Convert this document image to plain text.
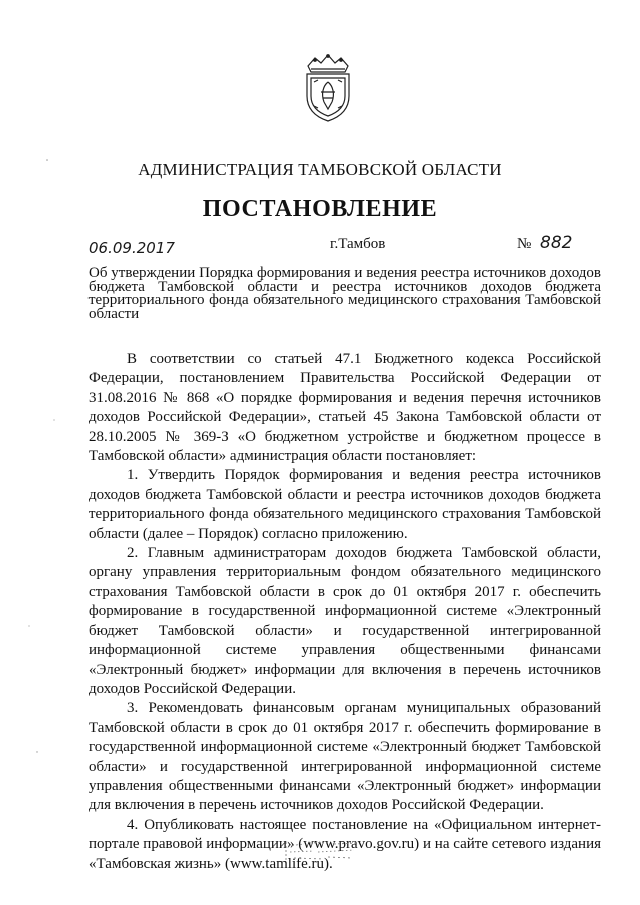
АДМИНИСТРАЦИЯ ТАМБОВСКОЙ ОБЛАСТИ
ПОСТАНОВЛЕНИЕ
06.09.2017	г.Тамбов	№ 882
Об утверждении Порядка формирования и ведения реестра источников доходов бюджета Тамбовской области и реестра источников доходов бюджета территориального фонда обязательного медицинского страхования Тамбовской области

В соответствии со статьей 47.1 Бюджетного кодекса Российской Федерации, постановлением Правительства Российской Федерации от 31.08.2016 № 868 «О порядке формирования и ведения перечня источников доходов Российской Федерации», статьей 45 Закона Тамбовской области от 28.10.2005 № 369-З «О бюджетном устройстве и бюджетном процессе в Тамбовской области» администрация области постановляет:

1. Утвердить Порядок формирования и ведения реестра источников доходов бюджета Тамбовской области и реестра источников доходов бюджета территориального фонда обязательного медицинского страхования Тамбовской области (далее – Порядок) согласно приложению.

2. Главным администраторам доходов бюджета Тамбовской области, органу управления территориальным фондом обязательного медицинского страхования Тамбовской области в срок до 01 октября 2017 г. обеспечить формирование в государственной информационной системе «Электронный бюджет Тамбовской области» и государственной интегрированной информационной системе управления общественными финансами «Электронный бюджет» информации для включения в перечень источников доходов Российской Федерации.

3. Рекомендовать финансовым органам муниципальных образований Тамбовской области в срок до 01 октября 2017 г. обеспечить формирование в государственной информационной системе «Электронный бюджет Тамбовской области» и государственной интегрированной информационной системе управления общественными финансами «Электронный бюджет» информации для включения в перечень источников доходов Российской Федерации.

4. Опубликовать настоящее постановление на «Официальном интернет-портале правовой информации» (www.pravo.gov.ru) и на сайте сетевого издания «Тамбовская жизнь» (www.tamlife.ru).
